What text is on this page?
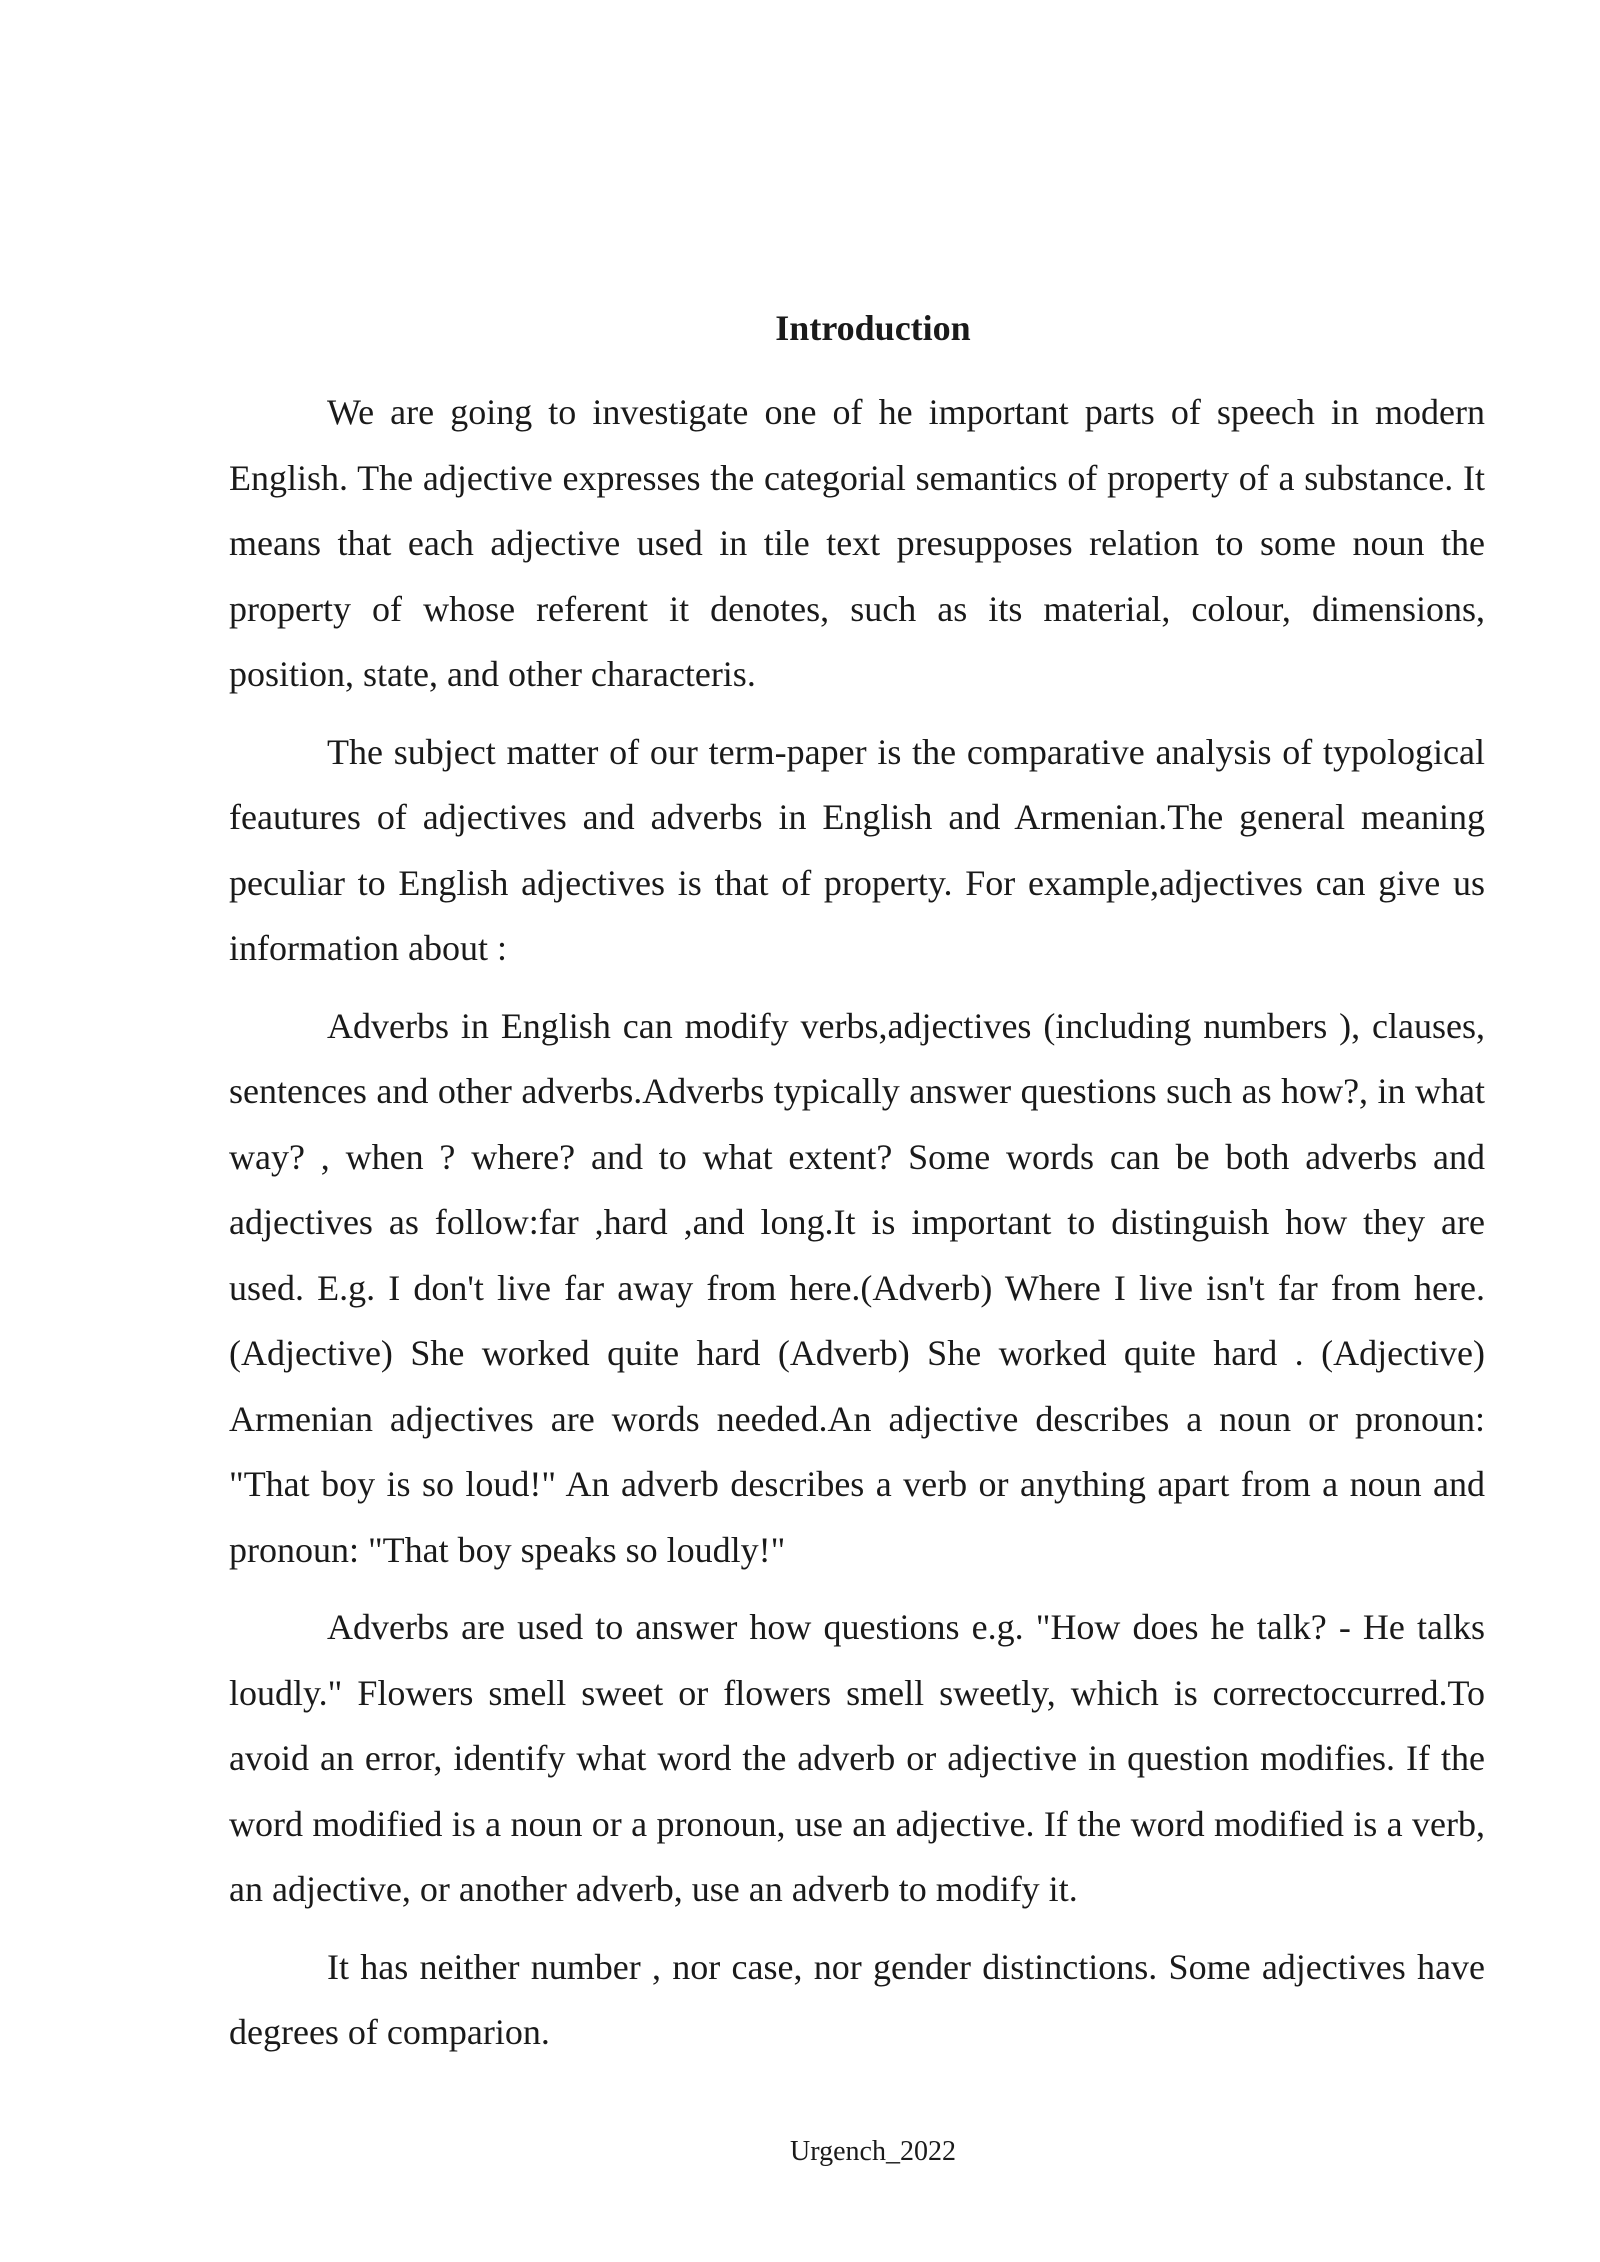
Introduction

We are going to investigate one of he important parts of speech in modern English. The adjective expresses the categorial semantics of property of a substance. It means that each adjective used in tile text presupposes relation to some noun the property of whose referent it denotes, such as its material, colour, dimensions, position, state, and other characteris.

The subject matter of our term-paper is the comparative analysis of typological feautures of adjectives and adverbs in English and Armenian.The general meaning peculiar to English adjectives is that of property. For example,adjectives can give us information about :

Adverbs in English can modify verbs,adjectives (including numbers ), clauses, sentences and other adverbs.Adverbs typically answer questions such as how?, in what way? , when ? where? and to what extent? Some words can be both adverbs and adjectives as follow:far ,hard ,and long.It is important to distinguish how they are used. E.g. I don't live far away from here.(Adverb) Where I live isn't far from here.(Adjective) She worked quite hard (Adverb) She worked quite hard . (Adjective) Armenian adjectives are words needed.An adjective describes a noun or pronoun: "That boy is so loud!" An adverb describes a verb or anything apart from a noun and pronoun: "That boy speaks so loudly!"

Adverbs are used to answer how questions e.g. "How does he talk? - He talks loudly." Flowers smell sweet or flowers smell sweetly, which is correctoccurred.To avoid an error, identify what word the adverb or adjective in question modifies. If the word modified is a noun or a pronoun, use an adjective. If the word modified is a verb, an adjective, or another adverb, use an adverb to modify it.

It has neither number , nor case, nor gender distinctions. Some adjectives have degrees of comparion.

Urgench_2022
